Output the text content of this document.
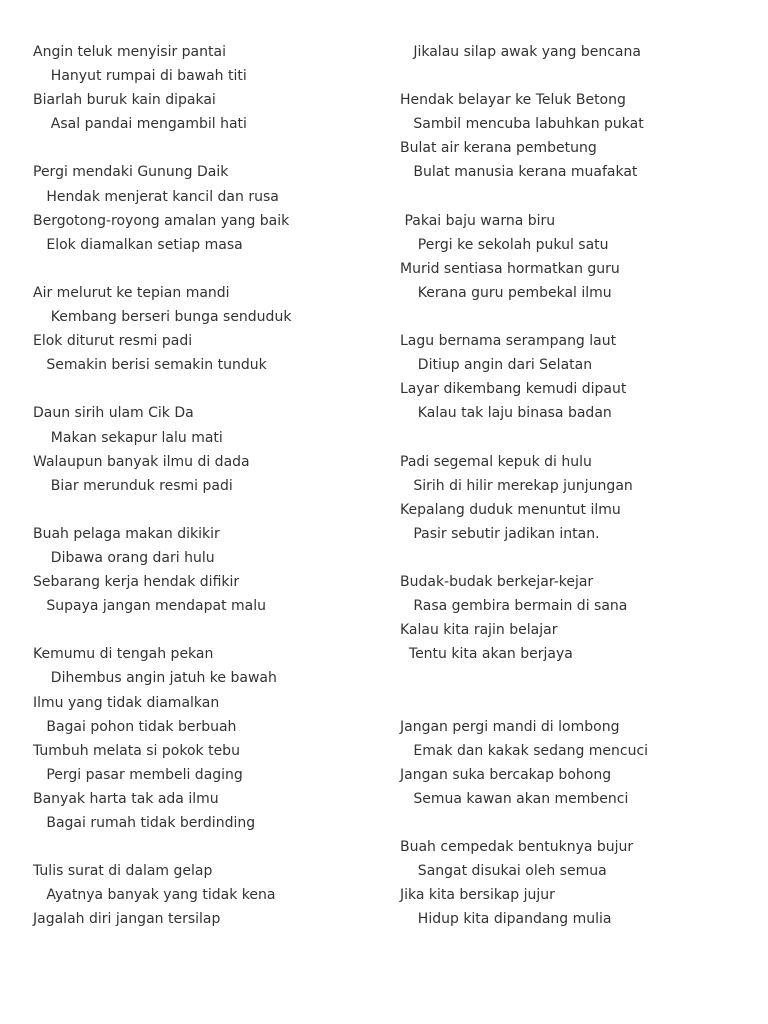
Angin teluk menyisir pantai
Hanyut rumpai di bawah titi
Biarlah buruk kain dipakai
Asal pandai mengambil hati
Pergi mendaki Gunung Daik
Hendak menjerat kancil dan rusa
Bergotong-royong amalan yang baik
Elok diamalkan setiap masa
Air melurut ke tepian mandi
Kembang berseri bunga senduduk
Elok diturut resmi padi
Semakin berisi semakin tunduk
Daun sirih ulam Cik Da
Makan sekapur lalu mati
Walaupun banyak ilmu di dada
Biar merunduk resmi padi
Buah pelaga makan dikikir
Dibawa orang dari hulu
Sebarang kerja hendak difikir
Supaya jangan mendapat malu
Kemumu di tengah pekan
Dihembus angin jatuh ke bawah
Ilmu yang tidak diamalkan
Bagai pohon tidak berbuah
Tumbuh melata si pokok tebu
Pergi pasar membeli daging
Banyak harta tak ada ilmu
Bagai rumah tidak berdinding
Tulis surat di dalam gelap
Ayatnya banyak yang tidak kena
Jagalah diri jangan tersilap
Jikalau silap awak yang bencana
Hendak belayar ke Teluk Betong
Sambil mencuba labuhkan pukat
Bulat air kerana pembetung
Bulat manusia kerana muafakat
Pakai baju warna biru
Pergi ke sekolah pukul satu
Murid sentiasa hormatkan guru
Kerana guru pembekal ilmu
Lagu bernama serampang laut
Ditiup angin dari Selatan
Layar dikembang kemudi dipaut
Kalau tak laju binasa badan
Padi segemal kepuk di hulu
Sirih di hilir merekap junjungan
Kepalang duduk menuntut ilmu
Pasir sebutir jadikan intan.
Budak-budak berkejar-kejar
Rasa gembira bermain di sana
Kalau kita rajin belajar
Tentu kita akan berjaya
Jangan pergi mandi di lombong
Emak dan kakak sedang mencuci
Jangan suka bercakap bohong
Semua kawan akan membenci
Buah cempedak bentuknya bujur
Sangat disukai oleh semua
Jika kita bersikap jujur
Hidup kita dipandang mulia
